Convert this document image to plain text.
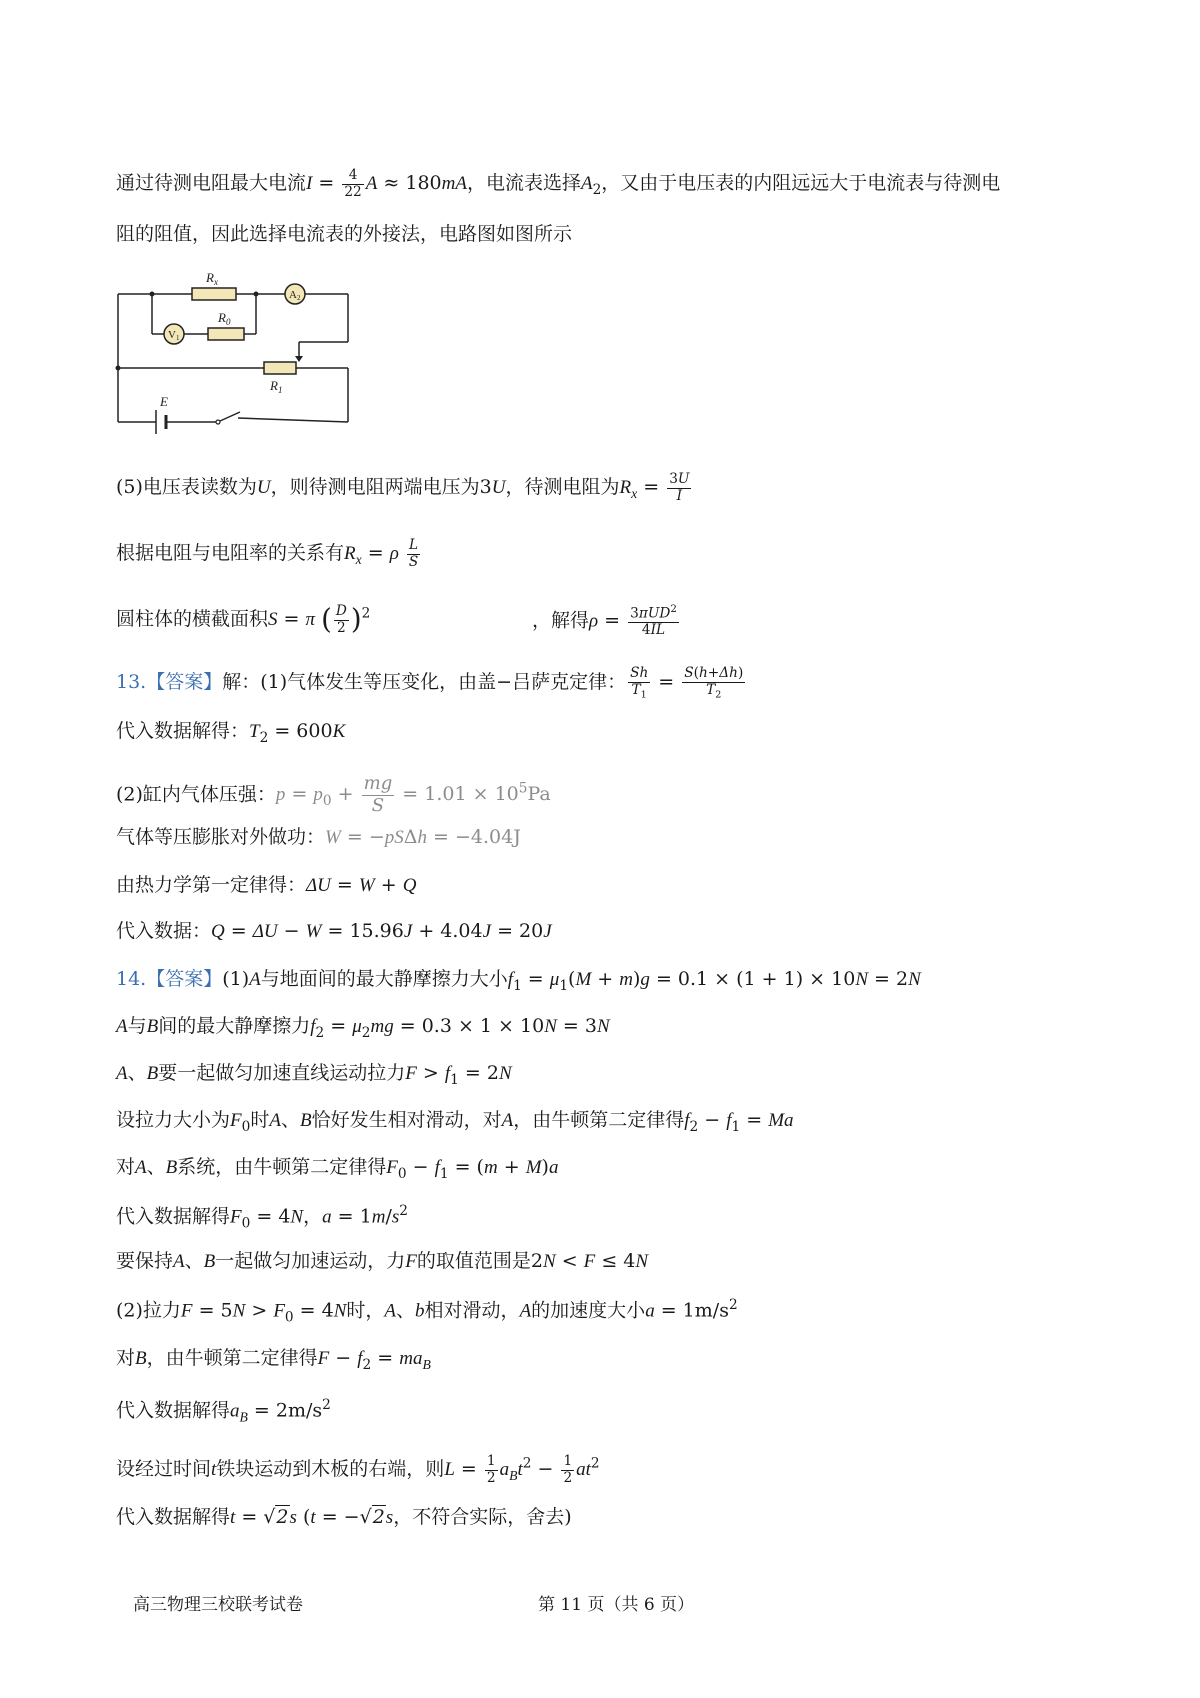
通过待测电阻最大电流$I = \frac{4}{22}$ A ≈ 180mA，电流表选择$A_2$，又由于电压表的内阻远远大于电流表与待测电
阻的阻值，因此选择电流表的外接法，电路图如图所示
$R_x$
A2
V1
$R_0$
$R_1$
E
(5)电压表读数为U，则待测电阻两端电压为3U，待测电阻为$R_x = \frac{3U}{I}$
根据电阻与电阻率的关系有$R_x = \rho \frac{L}{S}$
圆柱体的横截面积S = π ( $\frac{D}{2} )^2$	，解得$\rho = \frac{3\pi UD^2}{4IL}$
13.【答案】解：(1)气体发生等压变化，由盖−吕萨克定律： $\frac{Sh}{T_1} = \frac{S(h+\Delta h)}{T_2}$
代入数据解得：$T_2 = 600K$
(2)缸内气体压强：$p = p_0 + \frac{mg}{S} = 1.01 \times 10^5Pa$
气体等压膨胀对外做功：W = −pSΔh = −4.04J
由热力学第一定律得：ΔU = W + Q
代入数据：Q = ΔU − W = 15.96J + 4.04J = 20J
14.【答案】(1)A与地面间的最大静摩擦力大小$f_1 = \mu_1(M + m)g = 0.1 \times (1 + 1) \times 10N = 2N$
A与B间的最大静摩擦力$f_2 = \mu_2mg = 0.3 \times 1 \times 10N = 3N$
A、B要一起做匀加速直线运动拉力$F > f_1 = 2N$
设拉力大小为$F_0$时A、B恰好发生相对滑动，对A，由牛顿第二定律得$f_2 - f_1 = Ma$
对A、B系统，由牛顿第二定律得$F_0 - f_1 = (m + M)a$
代入数据解得$F_0 = 4N$，$a = 1m/s^2$
要保持A、B一起做匀加速运动，力F的取值范围是2N < F ≤ 4N
(2)拉力$F = 5N > F_0 = 4N$时，A、b相对滑动，A的加速度大小$a = 1m/s^2$
对B，由牛顿第二定律得$F - f_2 = ma_B$
代入数据解得$a_B = 2m/s^2$
设经过时间t铁块运动到木板的右端，则$L = \frac{1}{2} a_Bt^2 - \frac{1}{2} at^2$
代入数据解得t = √2s (t = −√2s，不符合实际，舍去)
高三物理三校联考试卷	第 11 页（共 6 页）
